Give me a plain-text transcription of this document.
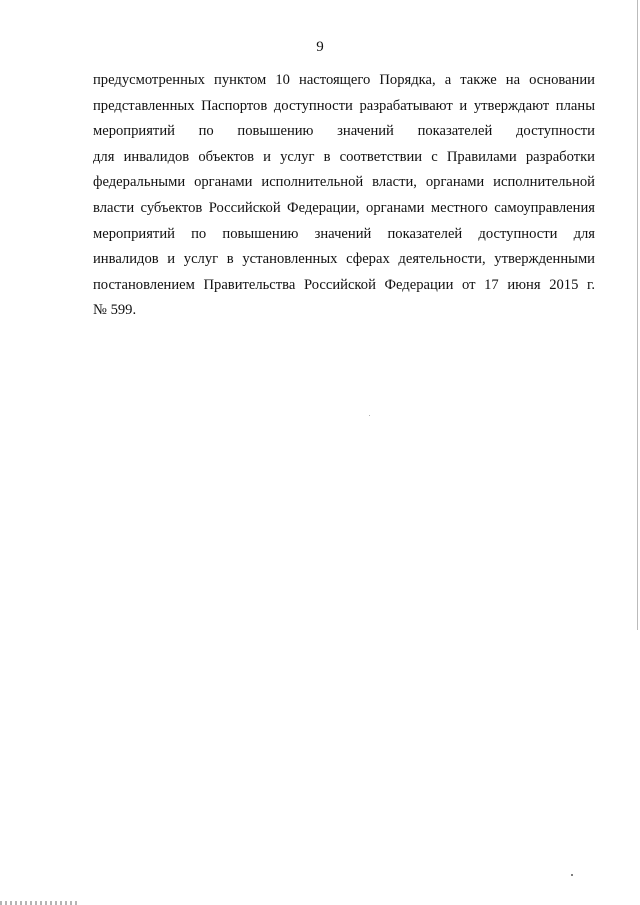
9
предусмотренных пунктом 10 настоящего Порядка, а также на основании
представленных Паспортов доступности разрабатывают и утверждают планы
мероприятий по повышению значений показателей доступности
для инвалидов объектов и услуг в соответствии с Правилами разработки
федеральными органами исполнительной власти, органами исполнительной
власти субъектов Российской Федерации, органами местного самоуправления
мероприятий по повышению значений показателей доступности для
инвалидов и услуг в установленных сферах деятельности, утвержденными
постановлением Правительства Российской Федерации от 17 июня 2015 г.
№ 599.
